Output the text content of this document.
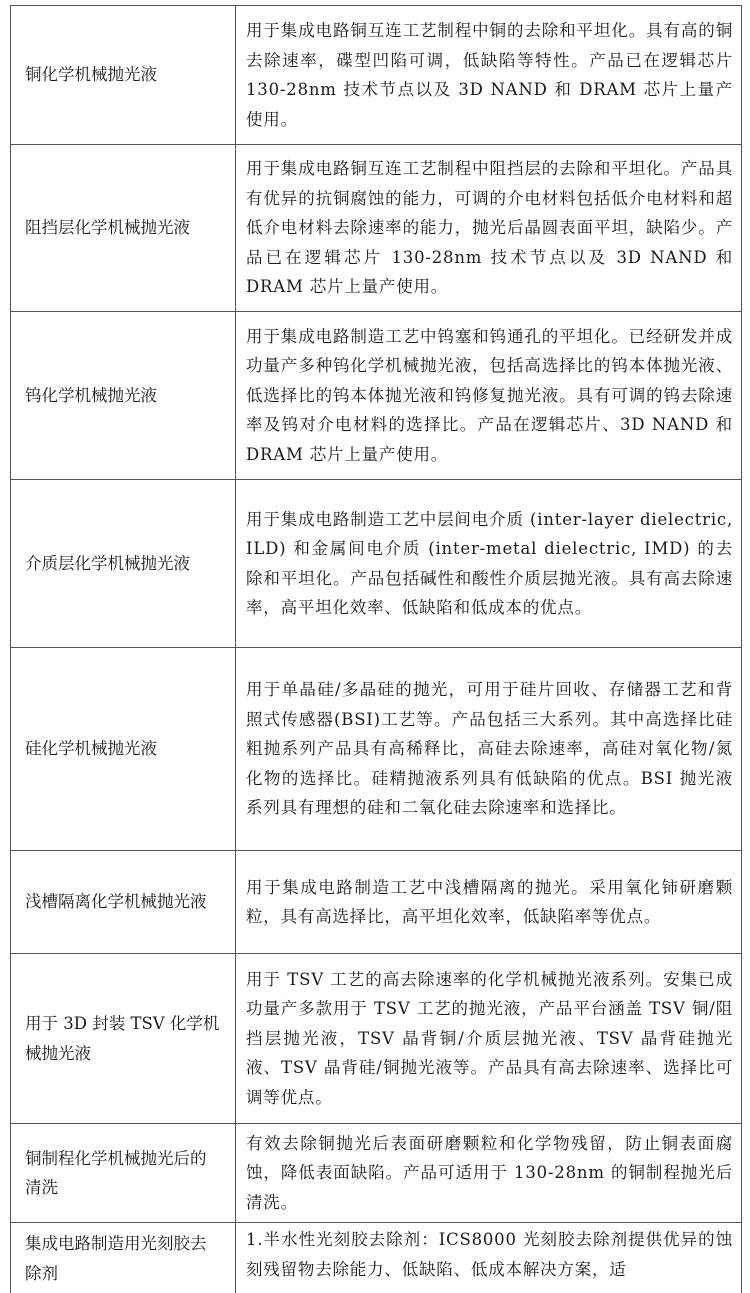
铜化学机械抛光液	用于集成电路铜互连工艺制程中铜的去除和平坦化。具有高的铜去除速率，碟型凹陷可调，低缺陷等特性。产品已在逻辑芯片 130-28nm 技术节点以及 3D NAND 和 DRAM 芯片上量产使用。
阻挡层化学机械抛光液	用于集成电路铜互连工艺制程中阻挡层的去除和平坦化。产品具有优异的抗铜腐蚀的能力，可调的介电材料包括低介电材料和超低介电材料去除速率的能力，抛光后晶圆表面平坦，缺陷少。产品已在逻辑芯片 130-28nm 技术节点以及 3D NAND 和 DRAM 芯片上量产使用。
钨化学机械抛光液	用于集成电路制造工艺中钨塞和钨通孔的平坦化。已经研发并成功量产多种钨化学机械抛光液，包括高选择比的钨本体抛光液、低选择比的钨本体抛光液和钨修复抛光液。具有可调的钨去除速率及钨对介电材料的选择比。产品在逻辑芯片、3D NAND 和 DRAM 芯片上量产使用。
介质层化学机械抛光液	用于集成电路制造工艺中层间电介质 (inter-layer dielectric, ILD) 和金属间电介质 (inter-metal dielectric, IMD) 的去除和平坦化。产品包括碱性和酸性介质层抛光液。具有高去除速率，高平坦化效率、低缺陷和低成本的优点。
硅化学机械抛光液	用于单晶硅/多晶硅的抛光，可用于硅片回收、存储器工艺和背照式传感器(BSI)工艺等。产品包括三大系列。其中高选择比硅粗抛系列产品具有高稀释比，高硅去除速率，高硅对氧化物/氮化物的选择比。硅精抛液系列具有低缺陷的优点。BSI 抛光液系列具有理想的硅和二氧化硅去除速率和选择比。
浅槽隔离化学机械抛光液	用于集成电路制造工艺中浅槽隔离的抛光。采用氧化铈研磨颗粒，具有高选择比，高平坦化效率，低缺陷率等优点。
用于 3D 封装 TSV 化学机械抛光液	用于 TSV 工艺的高去除速率的化学机械抛光液系列。安集已成功量产多款用于 TSV 工艺的抛光液，产品平台涵盖 TSV 铜/阻挡层抛光液，TSV 晶背铜/介质层抛光液、TSV 晶背硅抛光液、TSV 晶背硅/铜抛光液等。产品具有高去除速率、选择比可调等优点。
铜制程化学机械抛光后的清洗	有效去除铜抛光后表面研磨颗粒和化学物残留，防止铜表面腐蚀，降低表面缺陷。产品可适用于 130-28nm 的铜制程抛光后清洗。
集成电路制造用光刻胶去除剂	1.半水性光刻胶去除剂：ICS8000 光刻胶去除剂提供优异的蚀刻残留物去除能力、低缺陷、低成本解决方案，适
